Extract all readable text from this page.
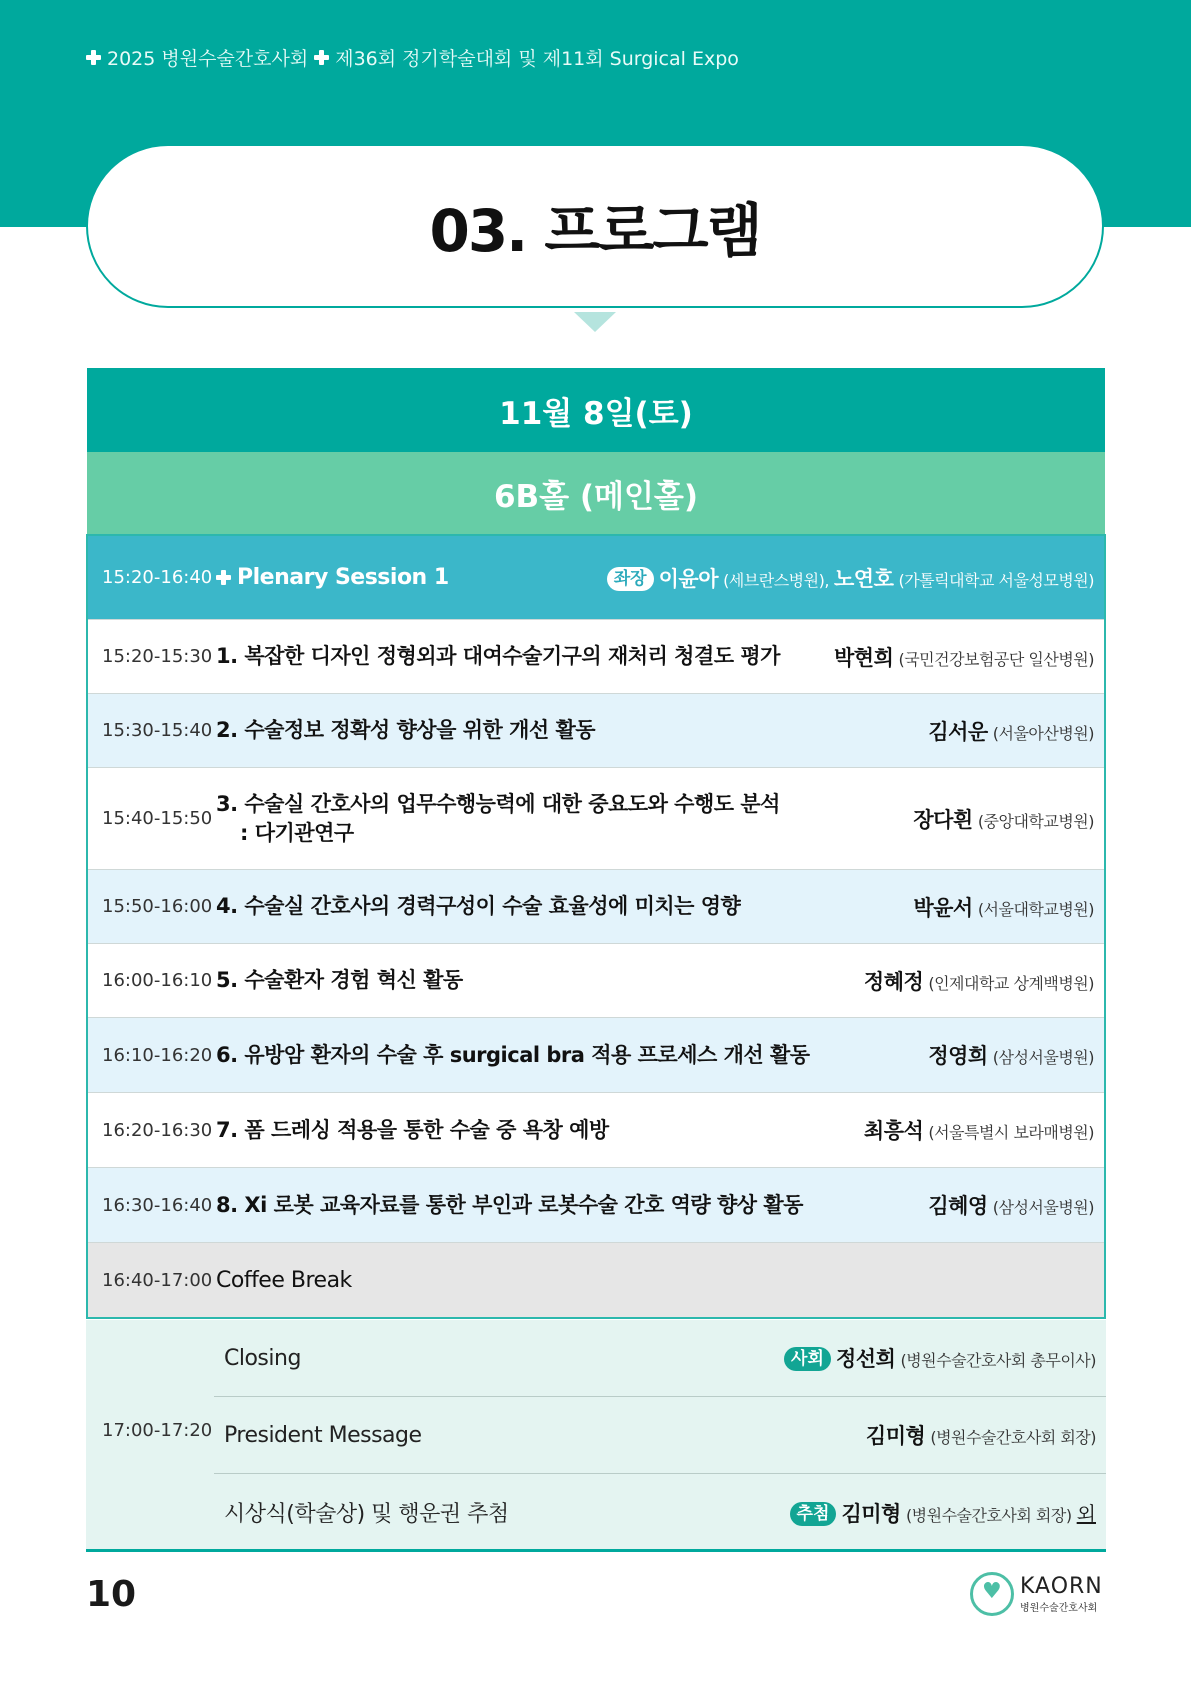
2025 병원수술간호사회 제36회 정기학술대회 및 제11회 Surgical Expo
03. 프로그램
11월 8일(토)
6B홀 (메인홀)
15:20-16:40 Plenary Session 1	좌장 이윤아 (세브란스병원), 노연호 (가톨릭대학교 서울성모병원)
15:20-15:30 1. 복잡한 디자인 정형외과 대여수술기구의 재처리 청결도 평가	박현희 (국민건강보험공단 일산병원)
15:30-15:40 2. 수술정보 정확성 향상을 위한 개선 활동	김서운 (서울아산병원)
15:40-15:50
3. 수술실 간호사의 업무수행능력에 대한 중요도와 수행도 분석
: 다기관연구
장다흰 (중앙대학교병원)
15:50-16:00 4. 수술실 간호사의 경력구성이 수술 효율성에 미치는 영향	박윤서 (서울대학교병원)
16:00-16:10 5. 수술환자 경험 혁신 활동	정혜정 (인제대학교 상계백병원)
16:10-16:20 6. 유방암 환자의 수술 후 surgical bra 적용 프로세스 개선 활동	정영희 (삼성서울병원)
16:20-16:30 7. 폼 드레싱 적용을 통한 수술 중 욕창 예방	최흥석 (서울특별시 보라매병원)
16:30-16:40 8. Xi 로봇 교육자료를 통한 부인과 로봇수술 간호 역량 향상 활동	김혜영 (삼성서울병원)
16:40-17:00 Coffee Break
17:00-17:20
Closing	사회 정선희 (병원수술간호사회 총무이사)
President Message	김미형 (병원수술간호사회 회장)
시상식(학술상) 및 행운권 추첨	추첨 김미형 (병원수술간호사회 회장) 외
10
♥	KAORN
병원수술간호사회
